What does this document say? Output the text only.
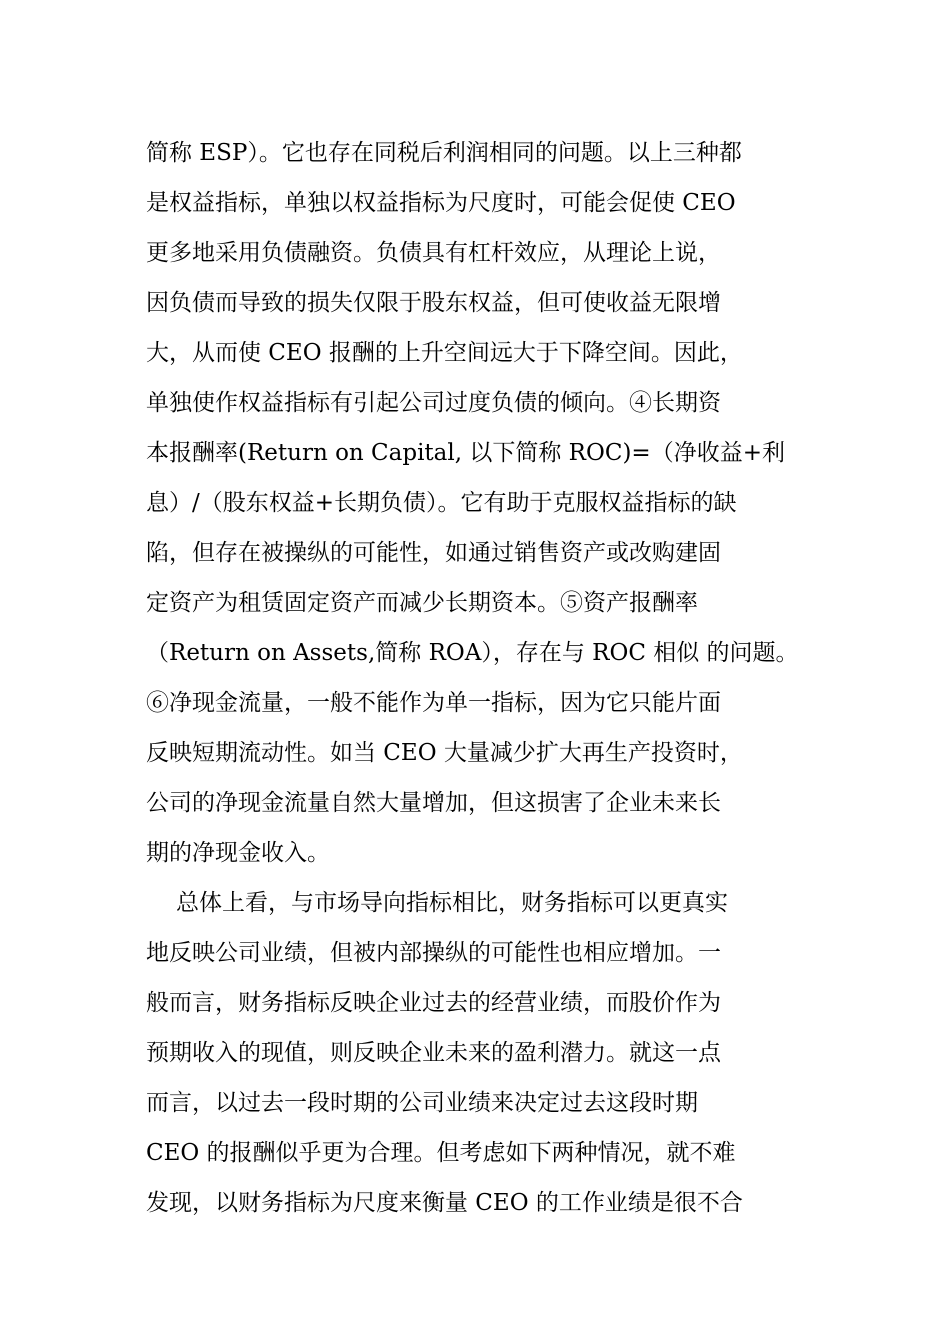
简称 ESP）。它也存在同税后利润相同的问题。以上三种都
是权益指标，单独以权益指标为尺度时，可能会促使 CEO
更多地采用负债融资。负债具有杠杆效应，从理论上说，
因负债而导致的损失仅限于股东权益，但可使收益无限增
大，从而使 CEO 报酬的上升空间远大于下降空间。因此，
单独使作权益指标有引起公司过度负债的倾向。④长期资
本报酬率(Return on Capital, 以下简称 ROC)=（净收益+利
息）/（股东权益+长期负债）。它有助于克服权益指标的缺
陷，但存在被操纵的可能性，如通过销售资产或改购建固
定资产为租赁固定资产而减少长期资本。⑤资产报酬率
（Return on Assets,简称 ROA），存在与 ROC 相似 的问题。
⑥净现金流量，一般不能作为单一指标，因为它只能片面
反映短期流动性。如当 CEO 大量减少扩大再生产投资时，
公司的净现金流量自然大量增加，但这损害了企业未来长
期的净现金收入。
总体上看，与市场导向指标相比，财务指标可以更真实
地反映公司业绩，但被内部操纵的可能性也相应增加。一
般而言，财务指标反映企业过去的经营业绩，而股价作为
预期收入的现值，则反映企业未来的盈利潜力。就这一点
而言，以过去一段时期的公司业绩来决定过去这段时期
CEO 的报酬似乎更为合理。但考虑如下两种情况，就不难
发现，以财务指标为尺度来衡量 CEO 的工作业绩是很不合
